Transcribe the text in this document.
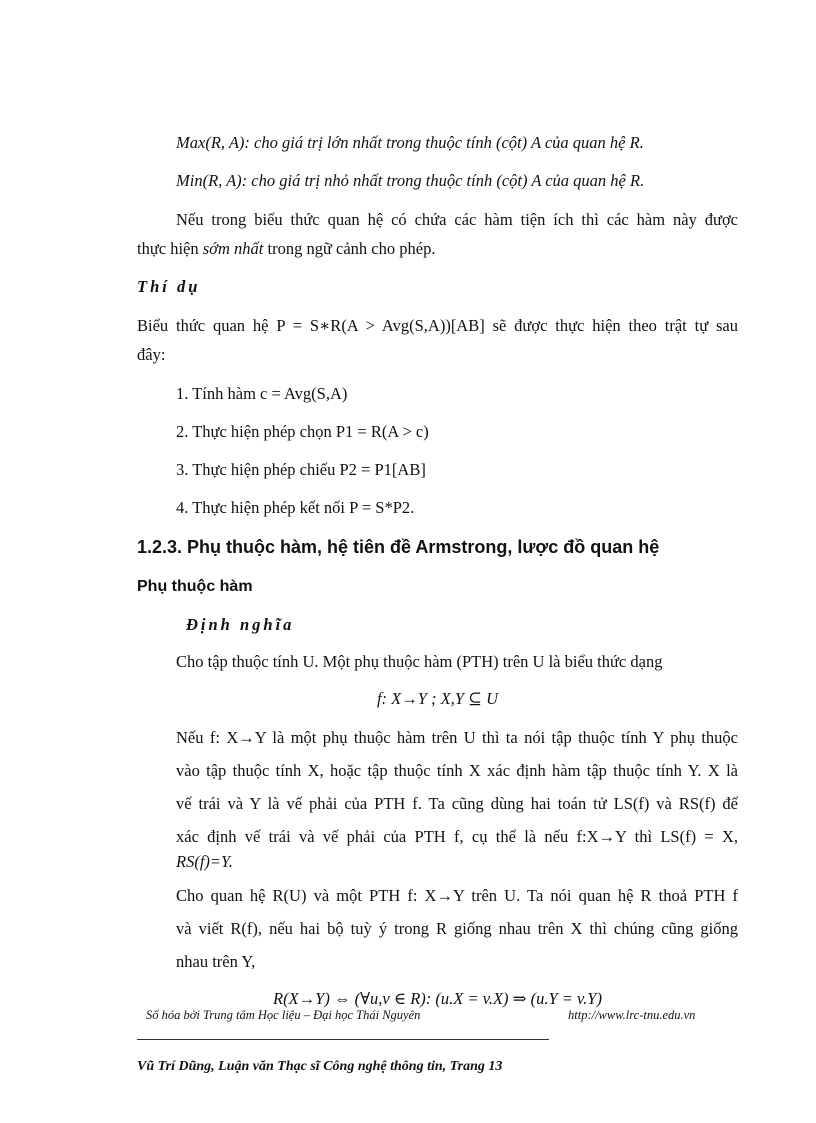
Max(R, A): cho giá trị lớn nhất trong thuộc tính (cột) A của quan hệ R.
Min(R, A): cho giá trị nhỏ nhất trong thuộc tính (cột) A của quan hệ R.
Nếu trong biểu thức quan hệ có chứa các hàm tiện ích thì các hàm này được
thực hiện sớm nhất trong ngữ cảnh cho phép.
Thí dụ
Biểu thức quan hệ P = S∗R(A > Avg(S,A))[AB] sẽ được thực hiện theo trật tự sau
đây:
1. Tính hàm c = Avg(S,A)
2. Thực hiện phép chọn P1 = R(A > c)
3. Thực hiện phép chiếu P2 = P1[AB]
4. Thực hiện phép kết nối P = S*P2.
1.2.3. Phụ thuộc hàm, hệ tiên đề Armstrong, lược đồ quan hệ
Phụ thuộc hàm
Định nghĩa
Cho tập thuộc tính U. Một phụ thuộc hàm (PTH) trên U là biểu thức dạng
f: X→Y ; X,Y ⊆ U
Nếu f: X→Y là một phụ thuộc hàm trên U thì ta nói tập thuộc tính Y phụ thuộc
vào tập thuộc tính X, hoặc tập thuộc tính X xác định hàm tập thuộc tính Y. X là
vế trái và Y là vế phải của PTH f. Ta cũng dùng hai toán tử LS(f) và RS(f) để
xác định vế trái và vế phải của PTH f, cụ thể là nếu f:X→Y thì LS(f) = X,
RS(f)=Y.
Cho quan hệ R(U) và một PTH f: X→Y trên U. Ta nói quan hệ R thoả PTH f
và viết R(f), nếu hai bộ tuỳ ý trong R giống nhau trên X thì chúng cũng giống
nhau trên Y,
R(X→Y) ⇔ (∀u,v ∈ R): (u.X = v.X) ⇒ (u.Y = v.Y)
Số hóa bởi Trung tâm Học liệu – Đại học Thái Nguyên	http://www.lrc-tnu.edu.vn
Vũ Trí Dũng, Luận văn Thạc sĩ Công nghệ thông tin, Trang 13
